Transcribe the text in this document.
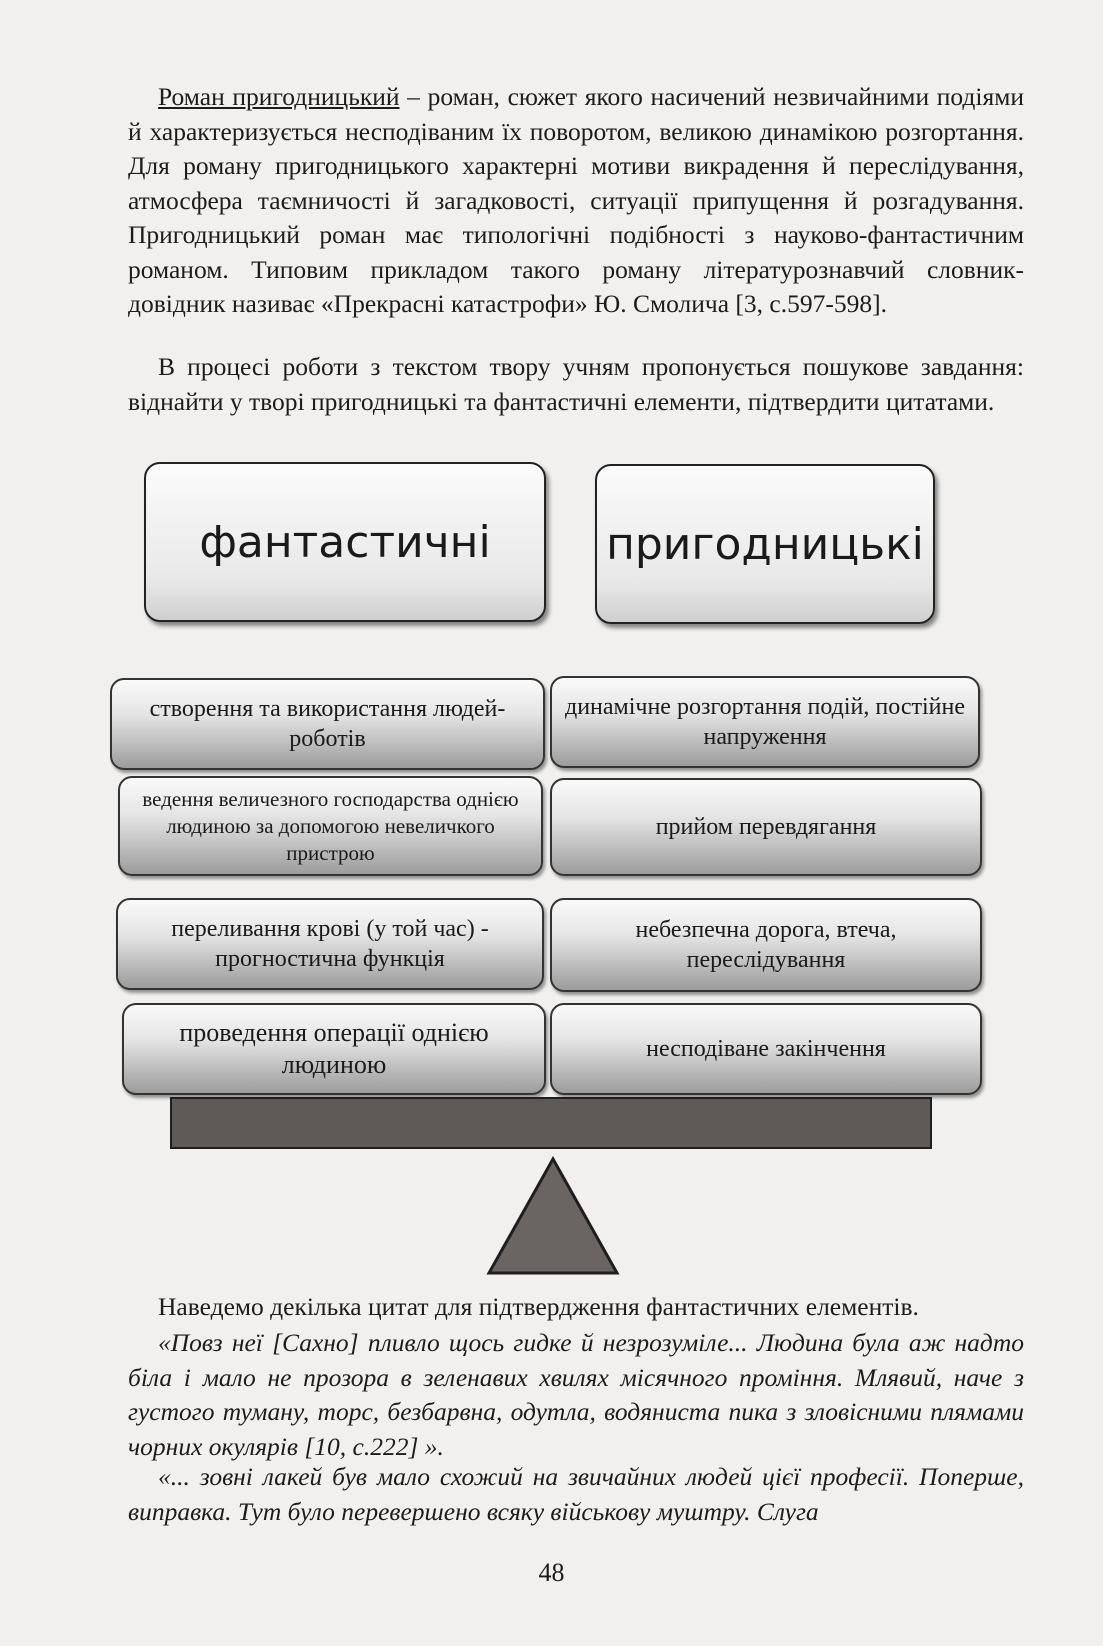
Роман пригодницький – роман, сюжет якого насичений незвичайними подіями й характеризується несподіваним їх поворотом, великою динамікою розгортання. Для роману пригодницького характерні мотиви викрадення й переслідування, атмосфера таємничості й загадковості, ситуації припущення й розгадування. Пригодницький роман має типологічні подібності з науково-фантастичним романом. Типовим прикладом такого роману літературознавчий словник-довідник називає «Прекрасні катастрофи» Ю. Смолича [3, с.597-598].
В процесі роботи з текстом твору учням пропонується пошукове завдання: віднайти у творі пригодницькі та фантастичні елементи, підтвердити цитатами.
фантастичні	пригодницькі
створення та використання людей-роботів
динамічне розгортання подій, постійне напруження
ведення величезного господарства однією людиною за допомогою невеличкого пристрою
прийом перевдягання
переливання крові (у той час) - прогностична функція
небезпечна дорога, втеча, переслідування
проведення операції однією людиною
несподіване закінчення
Наведемо декілька цитат для підтвердження фантастичних елементів.
«Повз неї [Сахно] пливло щось гидке й незрозуміле... Людина була аж надто біла і мало не прозора в зеленавих хвилях місячного проміння. Млявий, наче з густого туману, торс, безбарвна, одутла, водяниста пика з зловісними плямами чорних окулярів [10, с.222] ».
«... зовні лакей був мало схожий на звичайних людей цієї професії. Поперше, виправка. Тут було перевершено всяку військову муштру. Слуга
48
